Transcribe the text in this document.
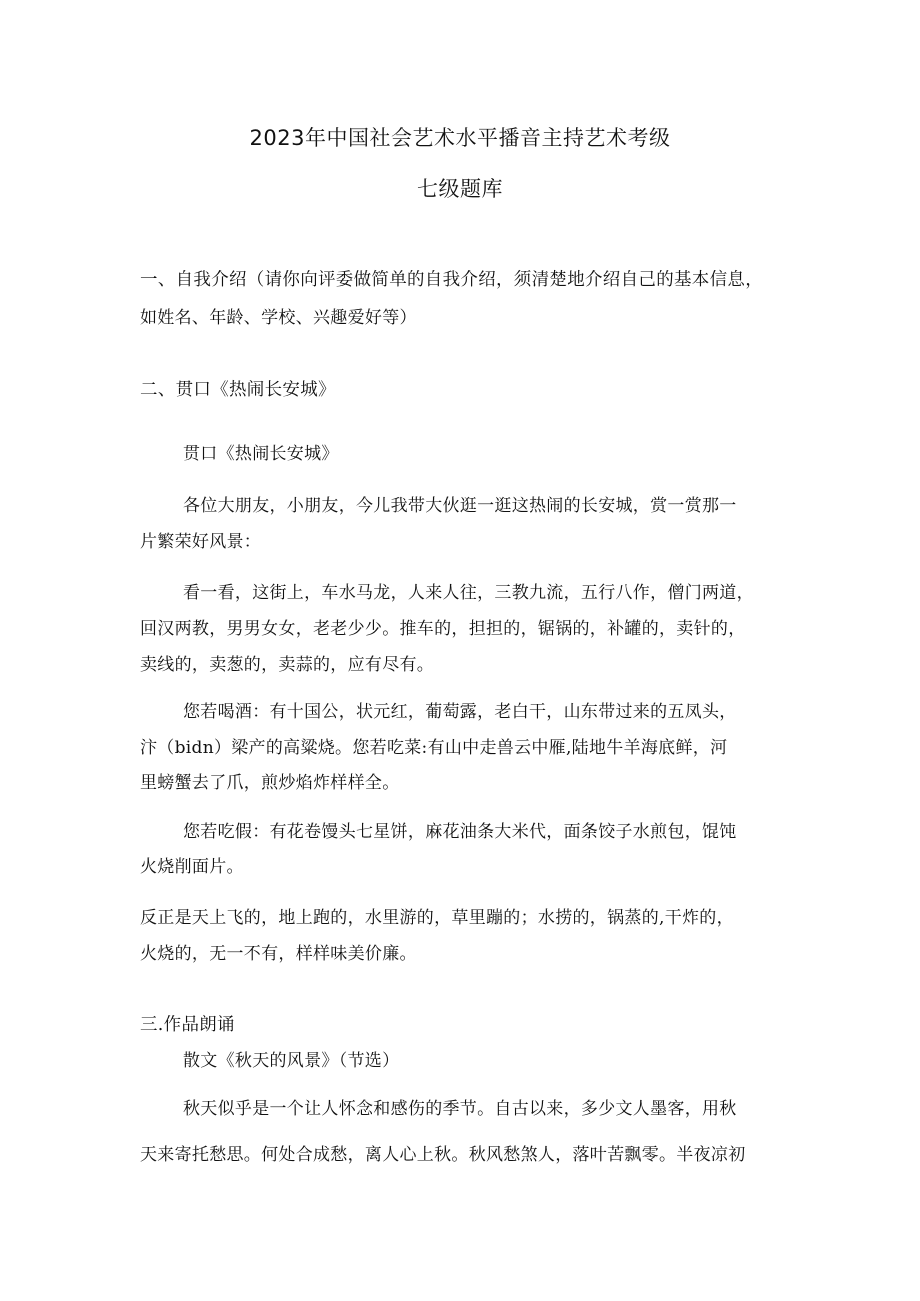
2023年中国社会艺术水平播音主持艺术考级
七级题库
一、自我介绍（请你向评委做简单的自我介绍，须清楚地介绍自己的基本信息，
如姓名、年龄、学校、兴趣爱好等）
二、贯口《热闹长安城》
贯口《热闹长安城》
各位大朋友，小朋友，今儿我带大伙逛一逛这热闹的长安城，赏一赏那一
片繁荣好风景：
看一看，这街上，车水马龙，人来人往，三教九流，五行八作，僧门两道，
回汉两教，男男女女，老老少少。推车的，担担的，锯锅的，补罐的，卖针的，
卖线的，卖葱的，卖蒜的，应有尽有。
您若喝酒：有十国公，状元红，葡萄露，老白干，山东带过来的五凤头，
汴（bidn）梁产的高粱烧。您若吃菜:有山中走兽云中雁,陆地牛羊海底鲜，河
里螃蟹去了爪，煎炒焰炸样样全。
您若吃假：有花卷馒头七星饼，麻花油条大米代，面条饺子水煎包，馄饨
火烧削面片。
反正是天上飞的，地上跑的，水里游的，草里蹦的；水捞的，锅蒸的,干炸的，
火烧的，无一不有，样样味美价廉。
三.作品朗诵
散文《秋天的风景》（节选）
秋天似乎是一个让人怀念和感伤的季节。自古以来，多少文人墨客，用秋
天来寄托愁思。何处合成愁，离人心上秋。秋风愁煞人，落叶苦飘零。半夜凉初
